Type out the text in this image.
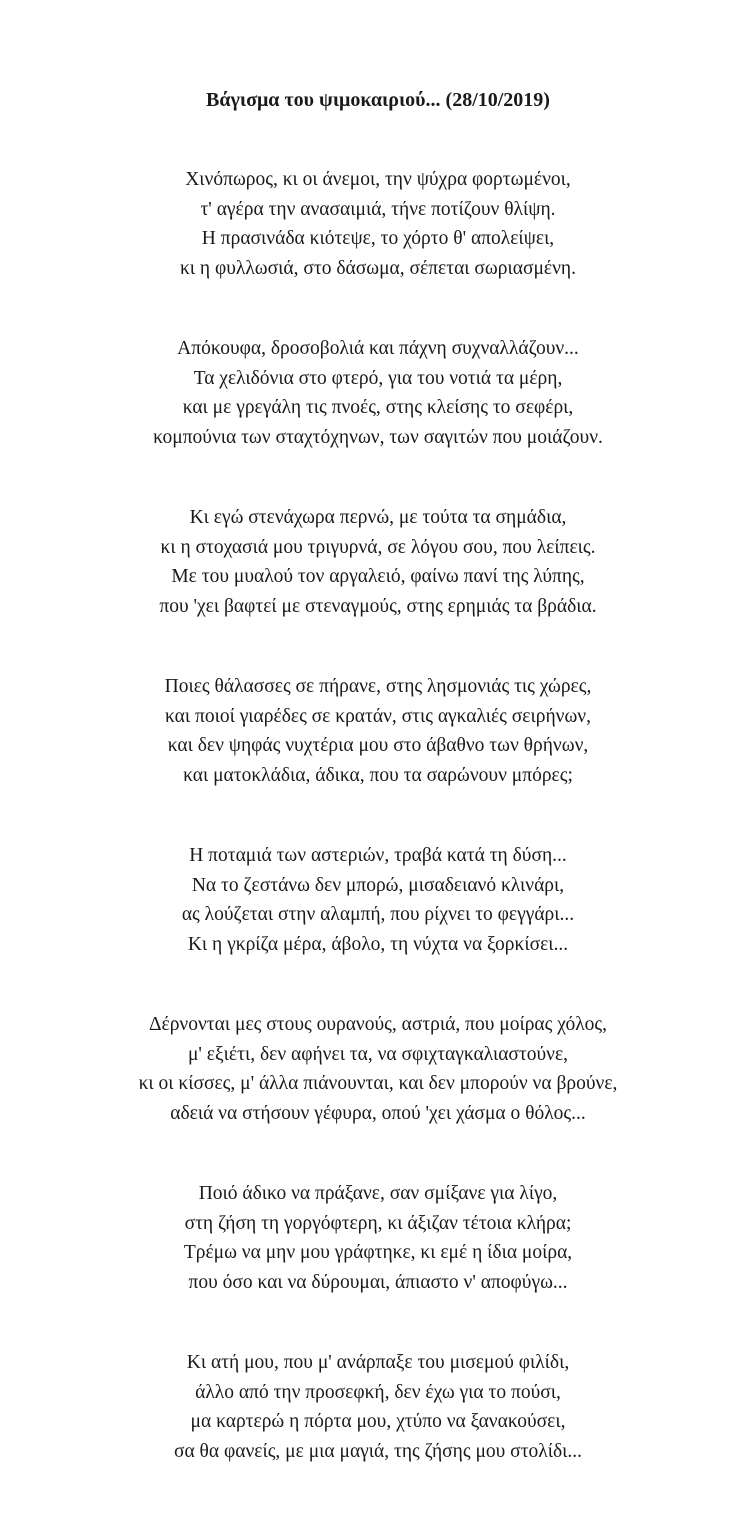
Βάγισμα του ψιμοκαιριού... (28/10/2019)
Χινόπωρος, κι οι άνεμοι, την ψύχρα φορτωμένοι,
τ' αγέρα την ανασαιμιά, τήνε ποτίζουν θλίψη.
Η πρασινάδα κιότεψε, το χόρτο θ' απολείψει,
κι η φυλλωσιά, στο δάσωμα, σέπεται σωριασμένη.
Απόκουφα, δροσοβολιά και πάχνη συχναλλάζουν...
Τα χελιδόνια στο φτερό, για του νοτιά τα μέρη,
και με γρεγάλη τις πνοές, στης κλείσης το σεφέρι,
κομπούνια των σταχτόχηνων, των σαγιτών που μοιάζουν.
Κι εγώ στενάχωρα περνώ, με τούτα τα σημάδια,
κι η στοχασιά μου τριγυρνά, σε λόγου σου, που λείπεις.
Με του μυαλού τον αργαλειό, φαίνω πανί της λύπης,
που 'χει βαφτεί με στεναγμούς, στης ερημιάς τα βράδια.
Ποιες θάλασσες σε πήρανε, στης λησμονιάς τις χώρες,
και ποιοί γιαρέδες σε κρατάν, στις αγκαλιές σειρήνων,
και δεν ψηφάς νυχτέρια μου στο άβαθνο των θρήνων,
και ματοκλάδια, άδικα, που τα σαρώνουν μπόρες;
Η ποταμιά των αστεριών, τραβά κατά τη δύση...
Να το ζεστάνω δεν μπορώ, μισαδειανό κλινάρι,
ας λούζεται στην αλαμπή, που ρίχνει το φεγγάρι...
Κι η γκρίζα μέρα, άβολο, τη νύχτα να ξορκίσει...
Δέρνονται μες στους ουρανούς, αστριά, που μοίρας χόλος,
μ' εξιέτι, δεν αφήνει τα, να σφιχταγκαλιαστούνε,
κι οι κίσσες, μ' άλλα πιάνουνται, και δεν μπορούν να βρούνε,
αδειά να στήσουν γέφυρα, οπού 'χει χάσμα ο θόλος...
Ποιό άδικο να πράξανε, σαν σμίξανε για λίγο,
στη ζήση τη γοργόφτερη, κι άξιζαν τέτοια κλήρα;
Τρέμω να μην μου γράφτηκε, κι εμέ η ίδια μοίρα,
που όσο και να δύρουμαι, άπιαστο ν' αποφύγω...
Κι ατή μου, που μ' ανάρπαξε του μισεμού φιλίδι,
άλλο από την προσεφκή, δεν έχω για το πούσι,
μα καρτερώ η πόρτα μου, χτύπο να ξανακούσει,
σα θα φανείς, με μια μαγιά, της ζήσης μου στολίδι...
